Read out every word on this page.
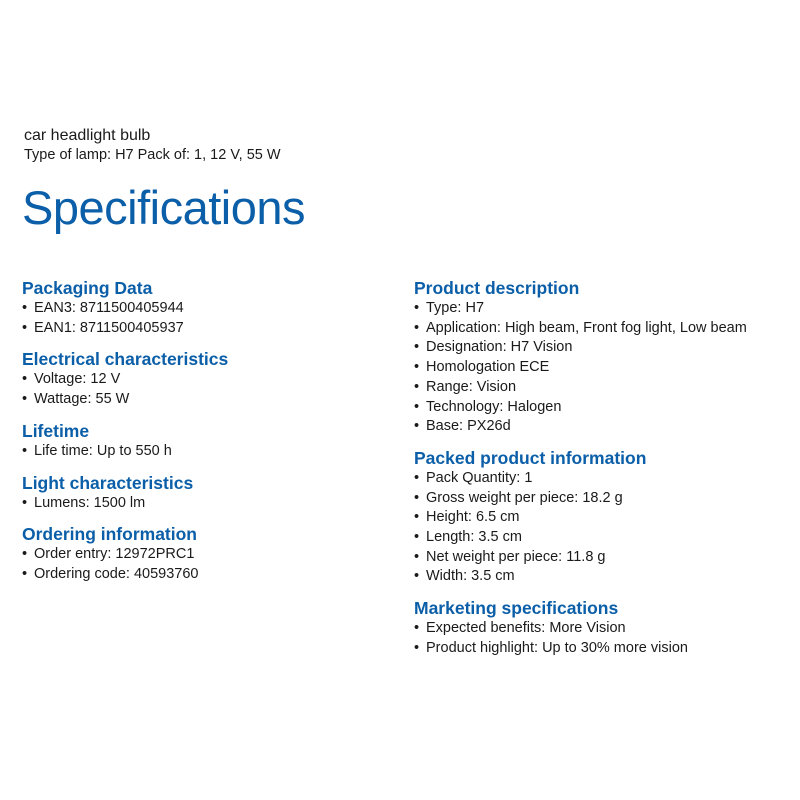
car headlight bulb
Type of lamp: H7 Pack of: 1, 12 V, 55 W
Specifications
Packaging Data
• EAN3: 8711500405944
• EAN1: 8711500405937
Electrical characteristics
• Voltage: 12 V
• Wattage: 55 W
Lifetime
• Life time: Up to 550 h
Light characteristics
• Lumens: 1500 lm
Ordering information
• Order entry: 12972PRC1
• Ordering code: 40593760
Product description
• Type: H7
• Application: High beam, Front fog light, Low beam
• Designation: H7 Vision
• Homologation ECE
• Range: Vision
• Technology: Halogen
• Base: PX26d
Packed product information
• Pack Quantity: 1
• Gross weight per piece: 18.2 g
• Height: 6.5 cm
• Length: 3.5 cm
• Net weight per piece: 11.8 g
• Width: 3.5 cm
Marketing specifications
• Expected benefits: More Vision
• Product highlight: Up to 30% more vision
